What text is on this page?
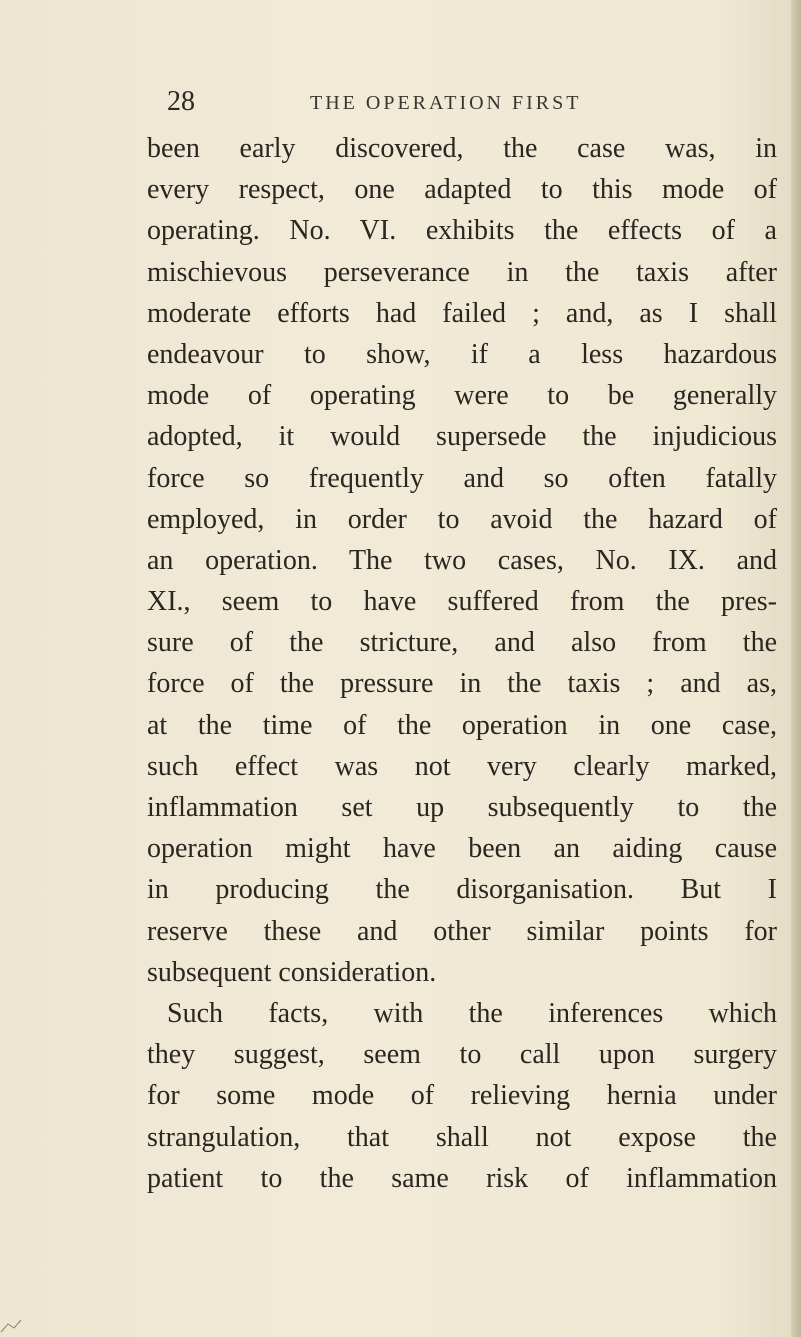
28	THE OPERATION FIRST
been early discovered, the case was, in
every respect, one adapted to this mode of
operating. No. VI. exhibits the effects of a
mischievous perseverance in the taxis after
moderate efforts had failed ; and, as I shall
endeavour to show, if a less hazardous
mode of operating were to be generally
adopted, it would supersede the injudicious
force so frequently and so often fatally
employed, in order to avoid the hazard of
an operation. The two cases, No. IX. and
XI., seem to have suffered from the pres-
sure of the stricture, and also from the
force of the pressure in the taxis ; and as,
at the time of the operation in one case,
such effect was not very clearly marked,
inflammation set up subsequently to the
operation might have been an aiding cause
in producing the disorganisation. But I
reserve these and other similar points for
subsequent consideration.
Such facts, with the inferences which
they suggest, seem to call upon surgery
for some mode of relieving hernia under
strangulation, that shall not expose the
patient to the same risk of inflammation
